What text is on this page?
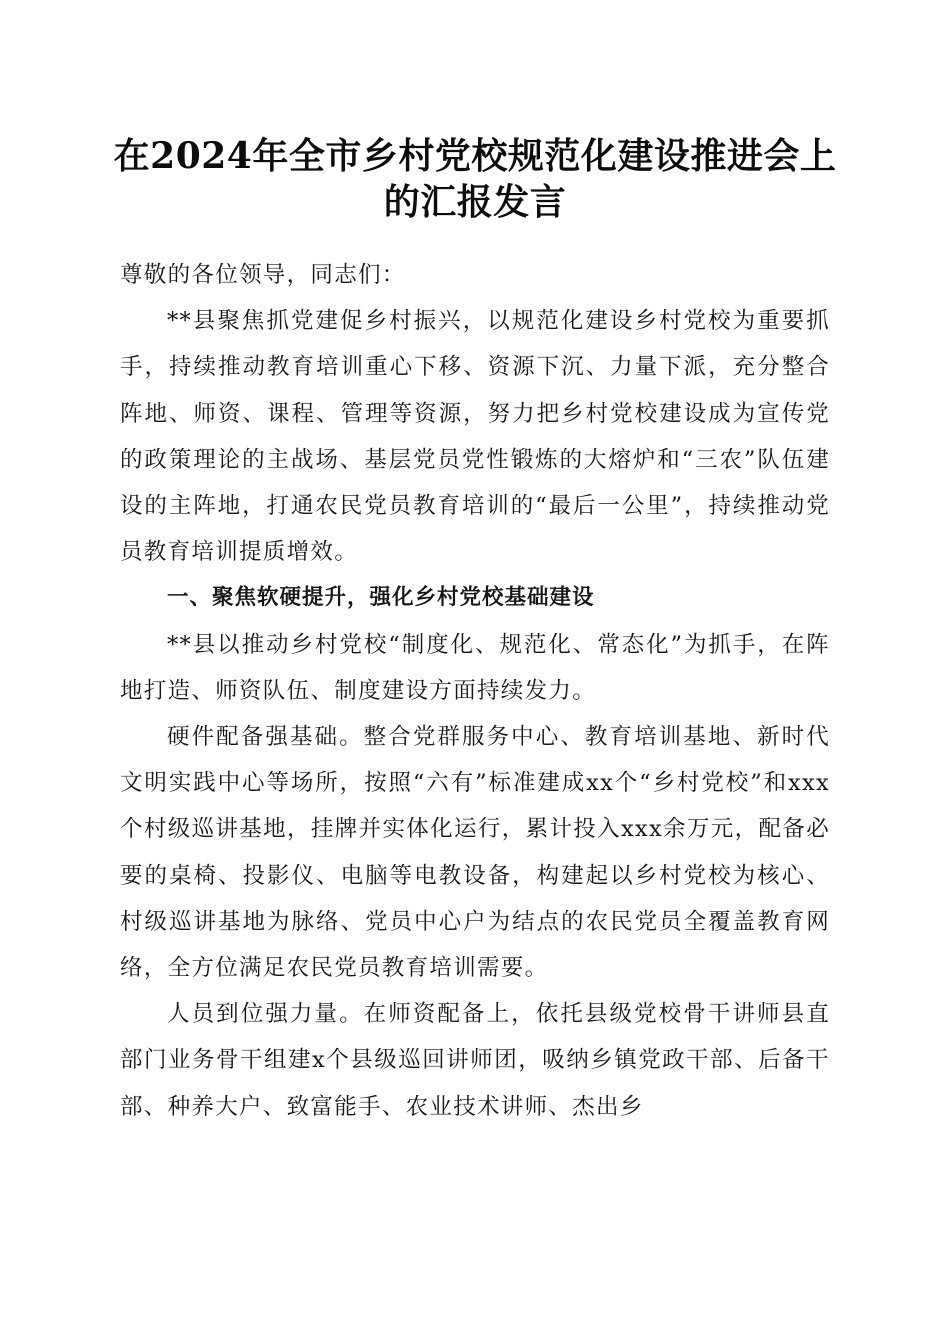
在2024年全市乡村党校规范化建设推进会上
的汇报发言

尊敬的各位领导，同志们：

**县聚焦抓党建促乡村振兴，以规范化建设乡村党校为重要抓手，持续推动教育培训重心下移、资源下沉、力量下派，充分整合阵地、师资、课程、管理等资源，努力把乡村党校建设成为宣传党的政策理论的主战场、基层党员党性锻炼的大熔炉和“三农”队伍建设的主阵地，打通农民党员教育培训的“最后一公里”，持续推动党员教育培训提质增效。

一、聚焦软硬提升，强化乡村党校基础建设

**县以推动乡村党校“制度化、规范化、常态化”为抓手，在阵地打造、师资队伍、制度建设方面持续发力。

硬件配备强基础。整合党群服务中心、教育培训基地、新时代文明实践中心等场所，按照“六有”标准建成xx个“乡村党校”和xxx个村级巡讲基地，挂牌并实体化运行，累计投入xxx余万元，配备必要的桌椅、投影仪、电脑等电教设备，构建起以乡村党校为核心、村级巡讲基地为脉络、党员中心户为结点的农民党员全覆盖教育网络，全方位满足农民党员教育培训需要。

人员到位强力量。在师资配备上，依托县级党校骨干讲师县直部门业务骨干组建x个县级巡回讲师团，吸纳乡镇党政干部、后备干部、种养大户、致富能手、农业技术讲师、杰出乡
